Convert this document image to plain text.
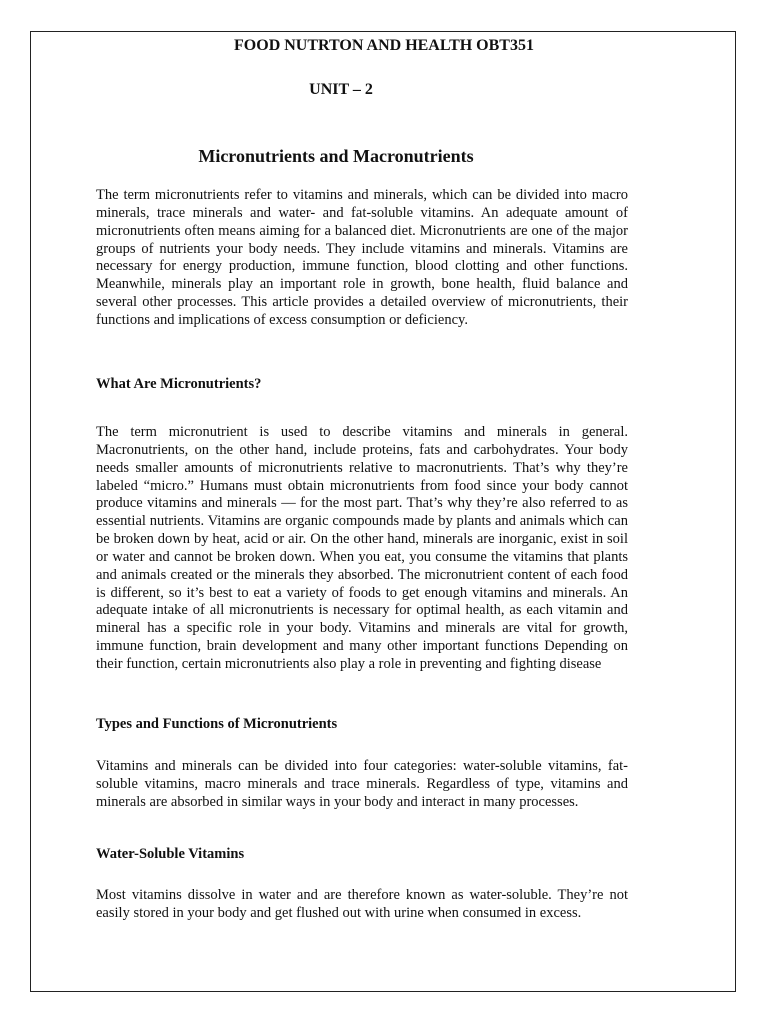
FOOD NUTRTON AND HEALTH OBT351
UNIT – 2
Micronutrients and Macronutrients

The term micronutrients refer to vitamins and minerals, which can be divided into macro minerals, trace minerals and water- and fat-soluble vitamins. An adequate amount of micronutrients often means aiming for a balanced diet. Micronutrients are one of the major groups of nutrients your body needs. They include vitamins and minerals. Vitamins are necessary for energy production, immune function, blood clotting and other functions. Meanwhile, minerals play an important role in growth, bone health, fluid balance and several other processes. This article provides a detailed overview of micronutrients, their functions and implications of excess consumption or deficiency.

What Are Micronutrients?

The term micronutrient is used to describe vitamins and minerals in general. Macronutrients, on the other hand, include proteins, fats and carbohydrates. Your body needs smaller amounts of micronutrients relative to macronutrients. That’s why they’re labeled “micro.” Humans must obtain micronutrients from food since your body cannot produce vitamins and minerals — for the most part. That’s why they’re also referred to as essential nutrients. Vitamins are organic compounds made by plants and animals which can be broken down by heat, acid or air. On the other hand, minerals are inorganic, exist in soil or water and cannot be broken down. When you eat, you consume the vitamins that plants and animals created or the minerals they absorbed. The micronutrient content of each food is different, so it’s best to eat a variety of foods to get enough vitamins and minerals. An adequate intake of all micronutrients is necessary for optimal health, as each vitamin and mineral has a specific role in your body. Vitamins and minerals are vital for growth, immune function, brain development and many other important functions Depending on their function, certain micronutrients also play a role in preventing and fighting disease

Types and Functions of Micronutrients

Vitamins and minerals can be divided into four categories: water-soluble vitamins, fat-soluble vitamins, macro minerals and trace minerals. Regardless of type, vitamins and minerals are absorbed in similar ways in your body and interact in many processes.

Water-Soluble Vitamins

Most vitamins dissolve in water and are therefore known as water-soluble. They’re not easily stored in your body and get flushed out with urine when consumed in excess.
